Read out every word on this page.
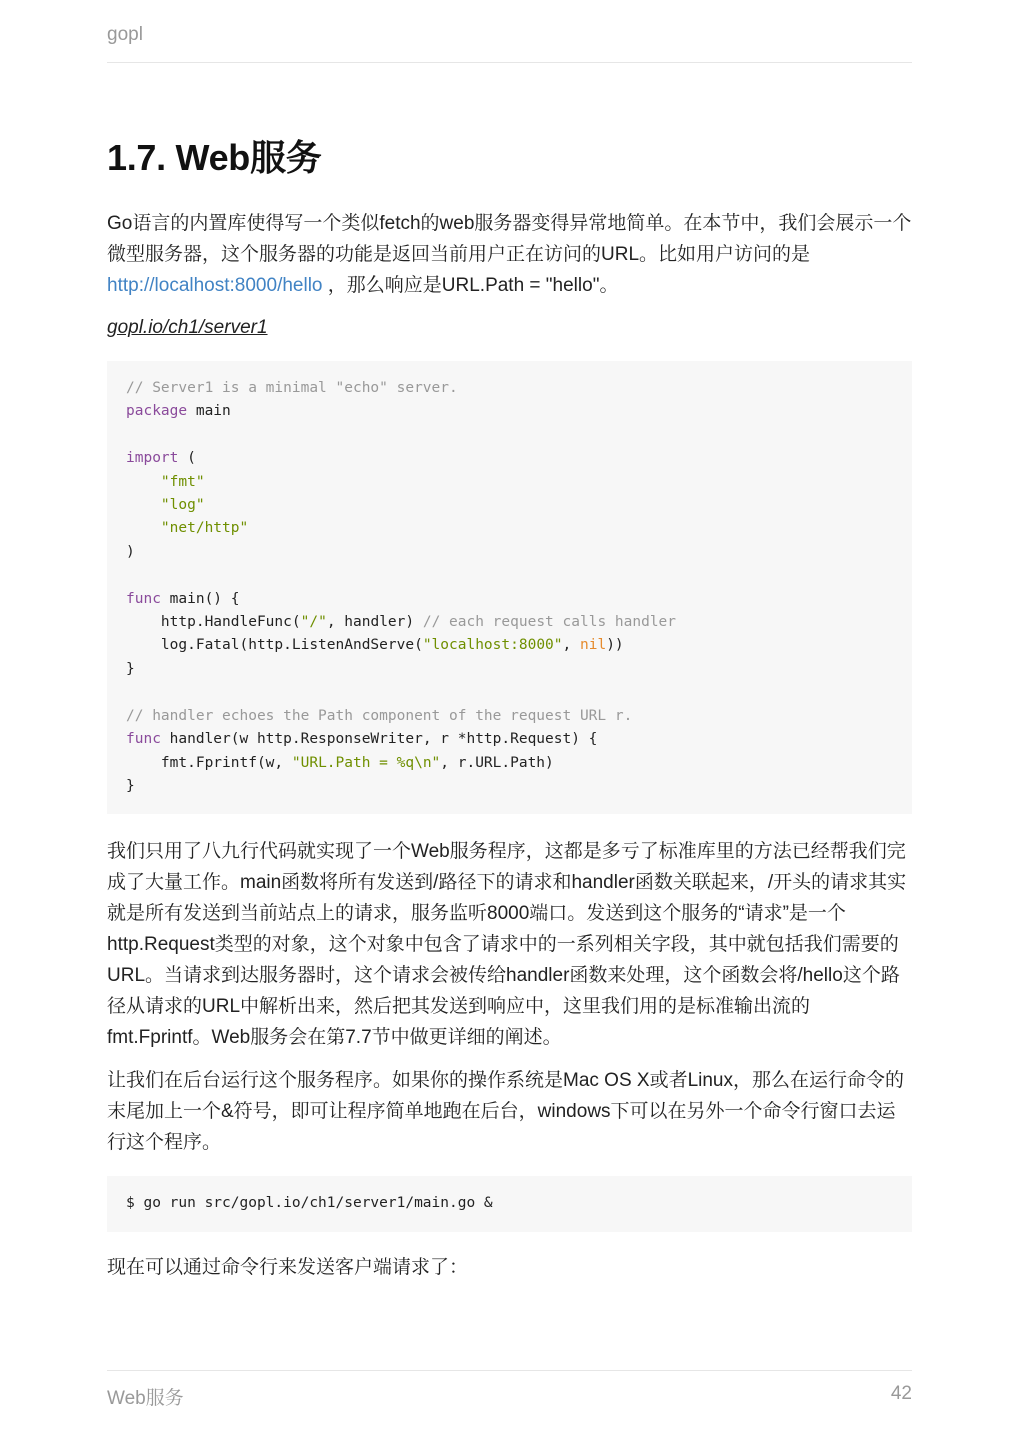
gopl
1.7. Web服务

Go语言的内置库使得写一个类似fetch的web服务器变得异常地简单。在本节中，我们会展示一个微型服务器，这个服务器的功能是返回当前用户正在访问的URL。比如用户访问的是http://localhost:8000/hello ，那么响应是URL.Path = "hello"。

gopl.io/ch1/server1
// Server1 is a minimal "echo" server.
package main

import (
"fmt"
"log"
"net/http"
)

func main() {
http.HandleFunc("/", handler) // each request calls handler
log.Fatal(http.ListenAndServe("localhost:8000", nil))
}

// handler echoes the Path component of the request URL r.
func handler(w http.ResponseWriter, r *http.Request) {
fmt.Fprintf(w, "URL.Path = %q\n", r.URL.Path)
}

我们只用了八九行代码就实现了一个Web服务程序，这都是多亏了标准库里的方法已经帮我们完成了大量工作。main函数将所有发送到/路径下的请求和handler函数关联起来，/开头的请求其实就是所有发送到当前站点上的请求，服务监听8000端口。发送到这个服务的“请求”是一个http.Request类型的对象，这个对象中包含了请求中的一系列相关字段，其中就包括我们需要的URL。当请求到达服务器时，这个请求会被传给handler函数来处理，这个函数会将/hello这个路径从请求的URL中解析出来，然后把其发送到响应中，这里我们用的是标准输出流的fmt.Fprintf。Web服务会在第7.7节中做更详细的阐述。

让我们在后台运行这个服务程序。如果你的操作系统是Mac OS X或者Linux，那么在运行命令的末尾加上一个&符号，即可让程序简单地跑在后台，windows下可以在另外一个命令行窗口去运行这个程序。

$ go run src/gopl.io/ch1/server1/main.go &

现在可以通过命令行来发送客户端请求了：

Web服务	42
